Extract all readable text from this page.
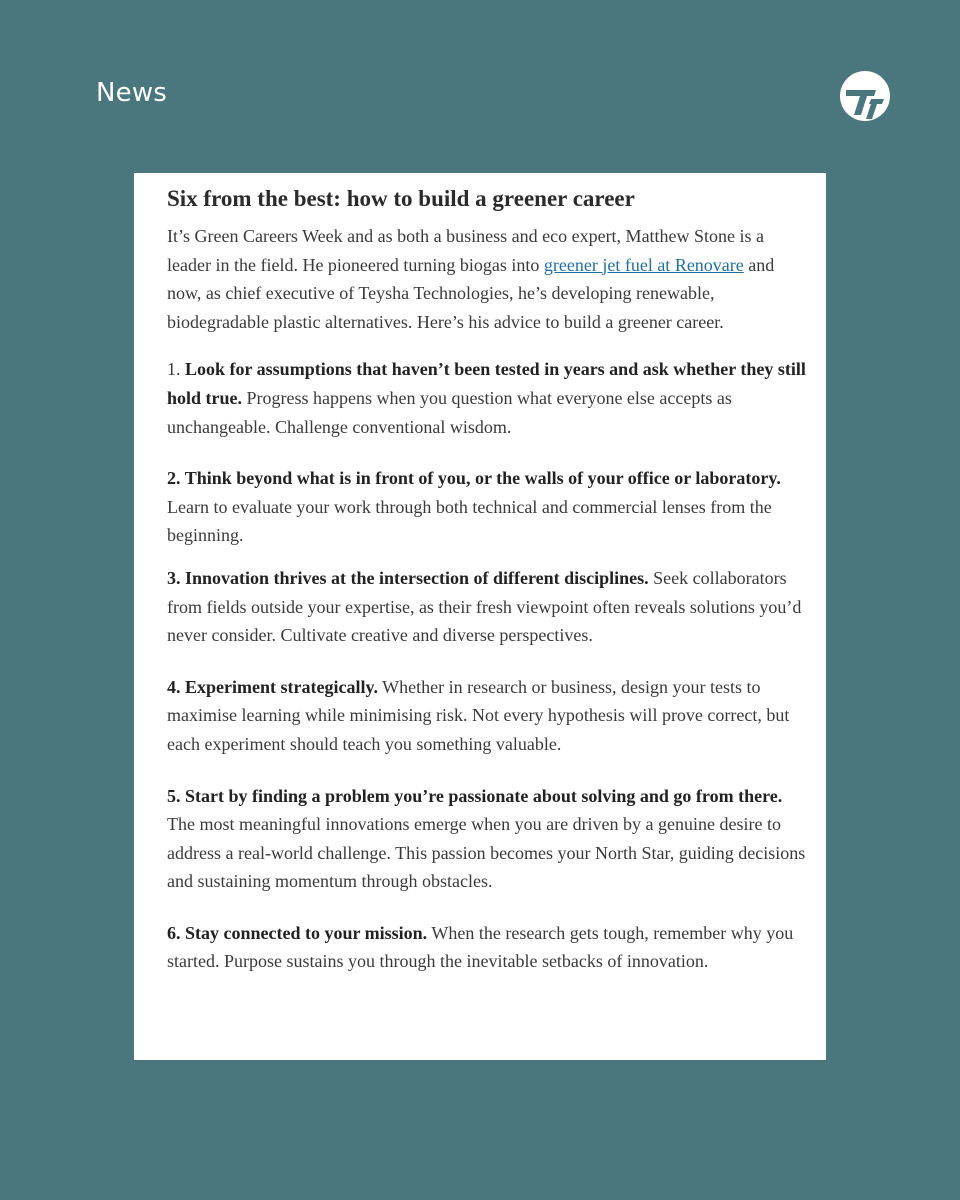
News
Six from the best: how to build a greener career

It’s Green Careers Week and as both a business and eco expert, Matthew Stone is a leader in the field. He pioneered turning biogas into greener jet fuel at Renovare and now, as chief executive of Teysha Technologies, he’s developing renewable, biodegradable plastic alternatives. Here’s his advice to build a greener career.

1. Look for assumptions that haven’t been tested in years and ask whether they still hold true. Progress happens when you question what everyone else accepts as unchangeable. Challenge conventional wisdom.

2. Think beyond what is in front of you, or the walls of your office or laboratory. Learn to evaluate your work through both technical and commercial lenses from the beginning.

3. Innovation thrives at the intersection of different disciplines. Seek collaborators from fields outside your expertise, as their fresh viewpoint often reveals solutions you’d never consider. Cultivate creative and diverse perspectives.

4. Experiment strategically. Whether in research or business, design your tests to maximise learning while minimising risk. Not every hypothesis will prove correct, but each experiment should teach you something valuable.

5. Start by finding a problem you’re passionate about solving and go from there. The most meaningful innovations emerge when you are driven by a genuine desire to address a real-world challenge. This passion becomes your North Star, guiding decisions and sustaining momentum through obstacles.

6. Stay connected to your mission. When the research gets tough, remember why you started. Purpose sustains you through the inevitable setbacks of innovation.
